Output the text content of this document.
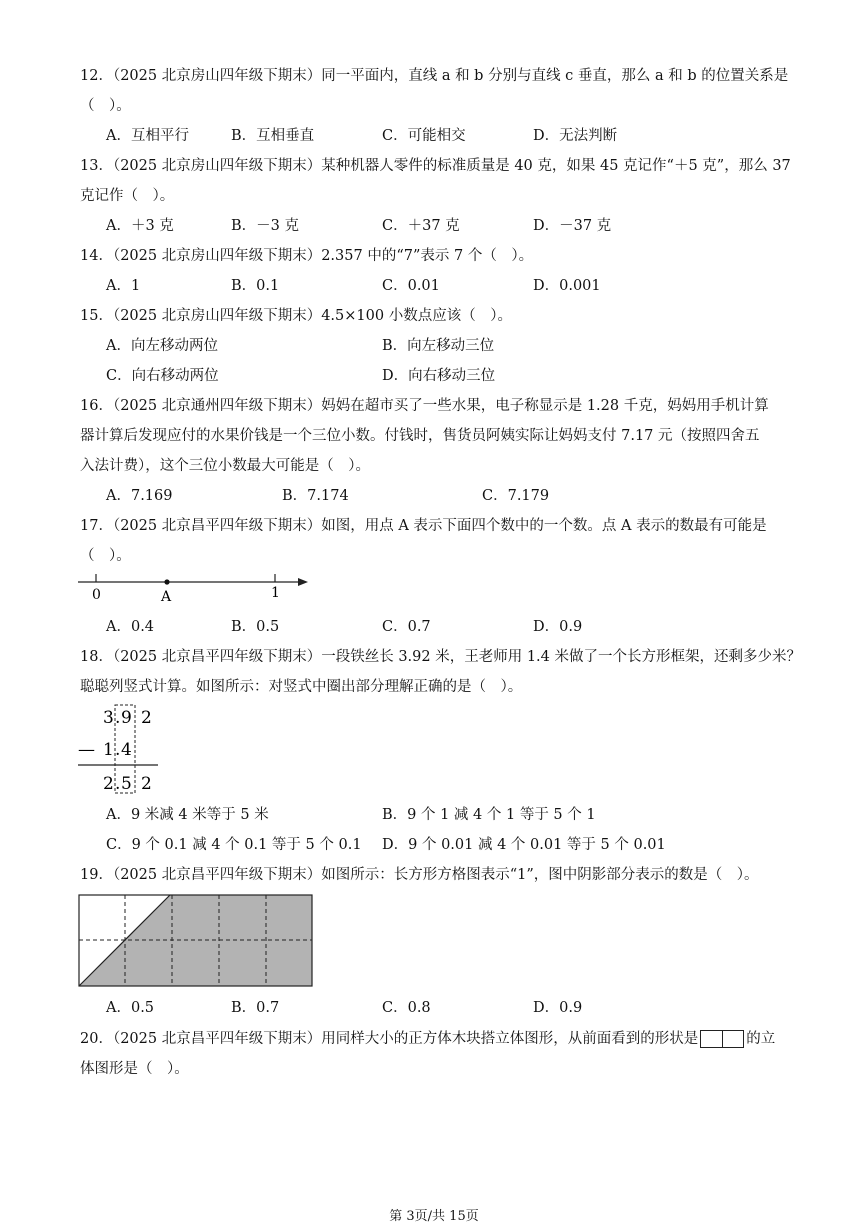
12．（2025 北京房山四年级下期末）同一平面内，直线 a 和 b 分别与直线 c 垂直，那么 a 和 b 的位置关系是
（　）。
A．互相平行	B．互相垂直	C．可能相交	D．无法判断
13．（2025 北京房山四年级下期末）某种机器人零件的标准质量是 40 克，如果 45 克记作“＋5 克”，那么 37
克记作（　）。
A．＋3 克	B．－3 克	C．＋37 克	D．－37 克
14．（2025 北京房山四年级下期末）2.357 中的“7”表示 7 个（　）。
A．1	B．0.1	C．0.01	D．0.001
15．（2025 北京房山四年级下期末）4.5×100 小数点应该（　）。
A．向左移动两位	B．向左移动三位
C．向右移动两位	D．向右移动三位
16．（2025 北京通州四年级下期末）妈妈在超市买了一些水果，电子称显示是 1.28 千克，妈妈用手机计算
器计算后发现应付的水果价钱是一个三位小数。付钱时，售货员阿姨实际让妈妈支付 7.17 元（按照四舍五
入法计费），这个三位小数最大可能是（　）。
A．7.169	B．7.174	C．7.179
17．（2025 北京昌平四年级下期末）如图，用点 A 表示下面四个数中的一个数。点 A 表示的数最有可能是
（　）。
0	A	1
A．0.4	B．0.5	C．0.7	D．0.9
18．（2025 北京昌平四年级下期末）一段铁丝长 3.92 米，王老师用 1.4 米做了一个长方形框架，还剩多少米？
聪聪列竖式计算。如图所示：对竖式中圈出部分理解正确的是（　）。
3 . 9 2
— 1 . 4
2 . 5 2
A．9 米减 4 米等于 5 米	B．9 个 1 减 4 个 1 等于 5 个 1
C．9 个 0.1 减 4 个 0.1 等于 5 个 0.1 D．9 个 0.01 减 4 个 0.01 等于 5 个 0.01
19．（2025 北京昌平四年级下期末）如图所示：长方形方格图表示“1”，图中阴影部分表示的数是（　）。
A．0.5	B．0.7	C．0.8	D．0.9
20．（2025 北京昌平四年级下期末）用同样大小的正方体木块搭立体图形，从前面看到的形状是	的立
体图形是（　）。
第 3页/共 15页
